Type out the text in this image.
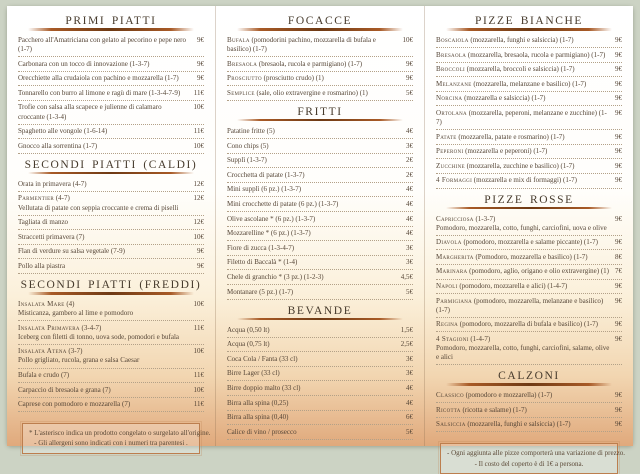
PRIMI PIATTI
Pacchero all'Amatriciana con gelato al pecorino e pepe nero (1-7)
9€
Carbonara con un tocco di innovazione (1-3-7)	9€
Orecchiette alla crudaiola con pachino e mozzarella (1-7)	9€
Tonnarello con burro al limone e ragù di mare (1-3-4-7-9)	11€
Trofie con salsa alla scapece e julienne di calamaro croccante (1-3-4)
10€
Spaghetto alle vongole (1-6-14)	11€
Gnocco alla sorrentina (1-7)	10€
SECONDI PIATTI (CALDI)
Orata in primavera (4-7)	12€
Parmentier (4-7)
Vellutata di patate con seppia croccante e crema di piselli
12€
Tagliata di manzo	12€
Straccetti primavera (7)	10€
Flan di verdure su salsa vegetale (7-9)	9€
Pollo alla piastra	9€
SECONDI PIATTI (FREDDI)
Insalata Mare (4)
Misticanza, gambero al lime e pomodoro
10€
Insalata Primavera (3-4-7)
Iceberg con filetti di tonno, uova sode, pomodori e bufala
11€
Insalata Atena (3-7)
Pollo grigliato, rucola, grana e salsa Caesar
10€
Bufala e crudo (7)	11€
Carpaccio di bresaola e grana (7)	10€
Caprese con pomodoro e mozzarella (7)	11€
* L'asterisco indica un prodotto congelato o surgelato all'origine.
- Gli allergeni sono indicati con i numeri tra parentesi .
FOCACCE
Bufala (pomodorini pachino, mozzarella di bufala e basilico) (1-7)
10€
Bresaola (bresaola, rucola e parmigiano) (1-7)	9€
Prosciutto (prosciutto crudo) (1)	9€
Semplice (sale, olio extravergine e rosmarino) (1)	5€
FRITTI
Patatine fritte (5)	4€
Cono chips (5)	3€
Supplì (1-3-7)	2€
Crocchetta di patate (1-3-7)	2€
Mini supplì (6 pz.) (1-3-7)	4€
Mini crocchette di patate (6 pz.) (1-3-7)	4€
Olive ascolane * (6 pz.) (1-3-7)	4€
Mozzarelline * (6 pz.) (1-3-7)	4€
Fiore di zucca (1-3-4-7)	3€
Filetto di Baccalà * (1-4)	3€
Chele di granchio * (3 pz.) (1-2-3)	4,5€
Montanare (5 pz.) (1-7)	5€
BEVANDE
Acqua (0,50 lt)	1,5€
Acqua (0,75 lt)	2,5€
Coca Cola / Fanta (33 cl)	3€
Birre Lager (33 cl)	3€
Birre doppio malto (33 cl)	4€
Birra alla spina (0,25)	4€
Birra alla spina (0,40)	6€
Calice di vino / prosecco	5€
PIZZE BIANCHE
Boscaiola (mozzarella, funghi e salsiccia) (1-7)	9€
Bresaola (mozzarella, bresaola, rucola e parmigiano) (1-7)	9€
Broccoli (mozzarella, broccoli e salsiccia) (1-7)	9€
Melanzane (mozzarella, melanzane e basilico) (1-7)	9€
Norcina (mozzarella e salsiccia) (1-7)	9€
Ortolana (mozzarella, peperoni, melanzane e zucchine) (1-7)
9€
Patate (mozzarella, patate e rosmarino) (1-7)	9€
Peperoni (mozzarella e peperoni) (1-7)	9€
Zucchine (mozzarella, zucchine e basilico) (1-7)	9€
4 Formaggi (mozzarella e mix di formaggi) (1-7)	9€
PIZZE ROSSE
Capricciosa (1-3-7)
Pomodoro, mozzarella, cotto, funghi, carciofini, uova e olive
9€
Diavola (pomodoro, mozzarella e salame piccante) (1-7)	9€
Margherita (Pomodoro, mozzarella e basilico) (1-7)	8€
Marinara (pomodoro, aglio, origano e olio extravergine) (1) 7€
Napoli (pomodoro, mozzarella e alici) (1-4-7)	9€
Parmigiana (pomodoro, mozzarella, melanzane e basilico) (1-7)
9€
Regina (pomodoro, mozzarella di bufala e basilico) (1-7)	9€
4 Stagioni (1-4-7)
Pomodoro, mozzarella, cotto, funghi, carciofini, salame, olive e alici
9€
CALZONI
Classico (pomodoro e mozzarella) (1-7)	9€
Ricotta (ricotta e salame) (1-7)	9€
Salsiccia (mozzarella, funghi e salsiccia) (1-7)	9€
- Ogni aggiunta alle pizze comporterà una variazione di prezzo.
- Il costo del coperto è di 1€ a persona.
